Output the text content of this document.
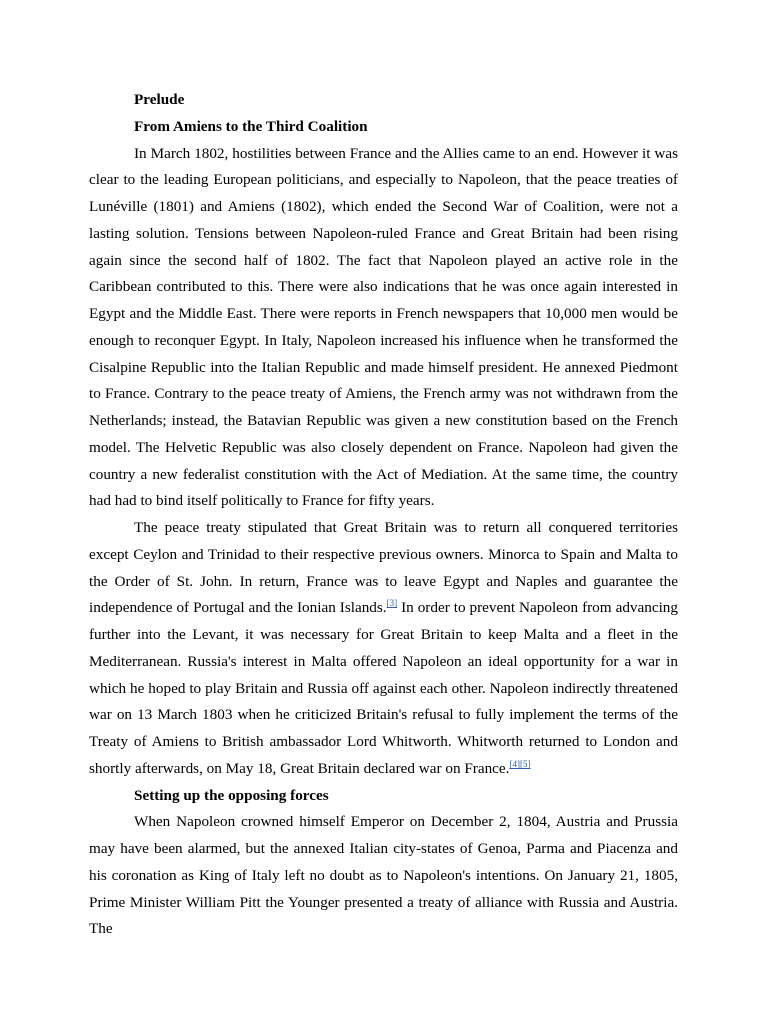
Prelude

From Amiens to the Third Coalition

In March 1802, hostilities between France and the Allies came to an end. However it was clear to the leading European politicians, and especially to Napoleon, that the peace treaties of Lunéville (1801) and Amiens (1802), which ended the Second War of Coalition, were not a lasting solution. Tensions between Napoleon-ruled France and Great Britain had been rising again since the second half of 1802. The fact that Napoleon played an active role in the Caribbean contributed to this. There were also indications that he was once again interested in Egypt and the Middle East. There were reports in French newspapers that 10,000 men would be enough to reconquer Egypt. In Italy, Napoleon increased his influence when he transformed the Cisalpine Republic into the Italian Republic and made himself president. He annexed Piedmont to France. Contrary to the peace treaty of Amiens, the French army was not withdrawn from the Netherlands; instead, the Batavian Republic was given a new constitution based on the French model. The Helvetic Republic was also closely dependent on France. Napoleon had given the country a new federalist constitution with the Act of Mediation. At the same time, the country had had to bind itself politically to France for fifty years.

The peace treaty stipulated that Great Britain was to return all conquered territories except Ceylon and Trinidad to their respective previous owners. Minorca to Spain and Malta to the Order of St. John. In return, France was to leave Egypt and Naples and guarantee the independence of Portugal and the Ionian Islands.[3] In order to prevent Napoleon from advancing further into the Levant, it was necessary for Great Britain to keep Malta and a fleet in the Mediterranean. Russia's interest in Malta offered Napoleon an ideal opportunity for a war in which he hoped to play Britain and Russia off against each other. Napoleon indirectly threatened war on 13 March 1803 when he criticized Britain's refusal to fully implement the terms of the Treaty of Amiens to British ambassador Lord Whitworth. Whitworth returned to London and shortly afterwards, on May 18, Great Britain declared war on France.[4][5]

Setting up the opposing forces

When Napoleon crowned himself Emperor on December 2, 1804, Austria and Prussia may have been alarmed, but the annexed Italian city-states of Genoa, Parma and Piacenza and his coronation as King of Italy left no doubt as to Napoleon's intentions. On January 21, 1805, Prime Minister William Pitt the Younger presented a treaty of alliance with Russia and Austria. The
